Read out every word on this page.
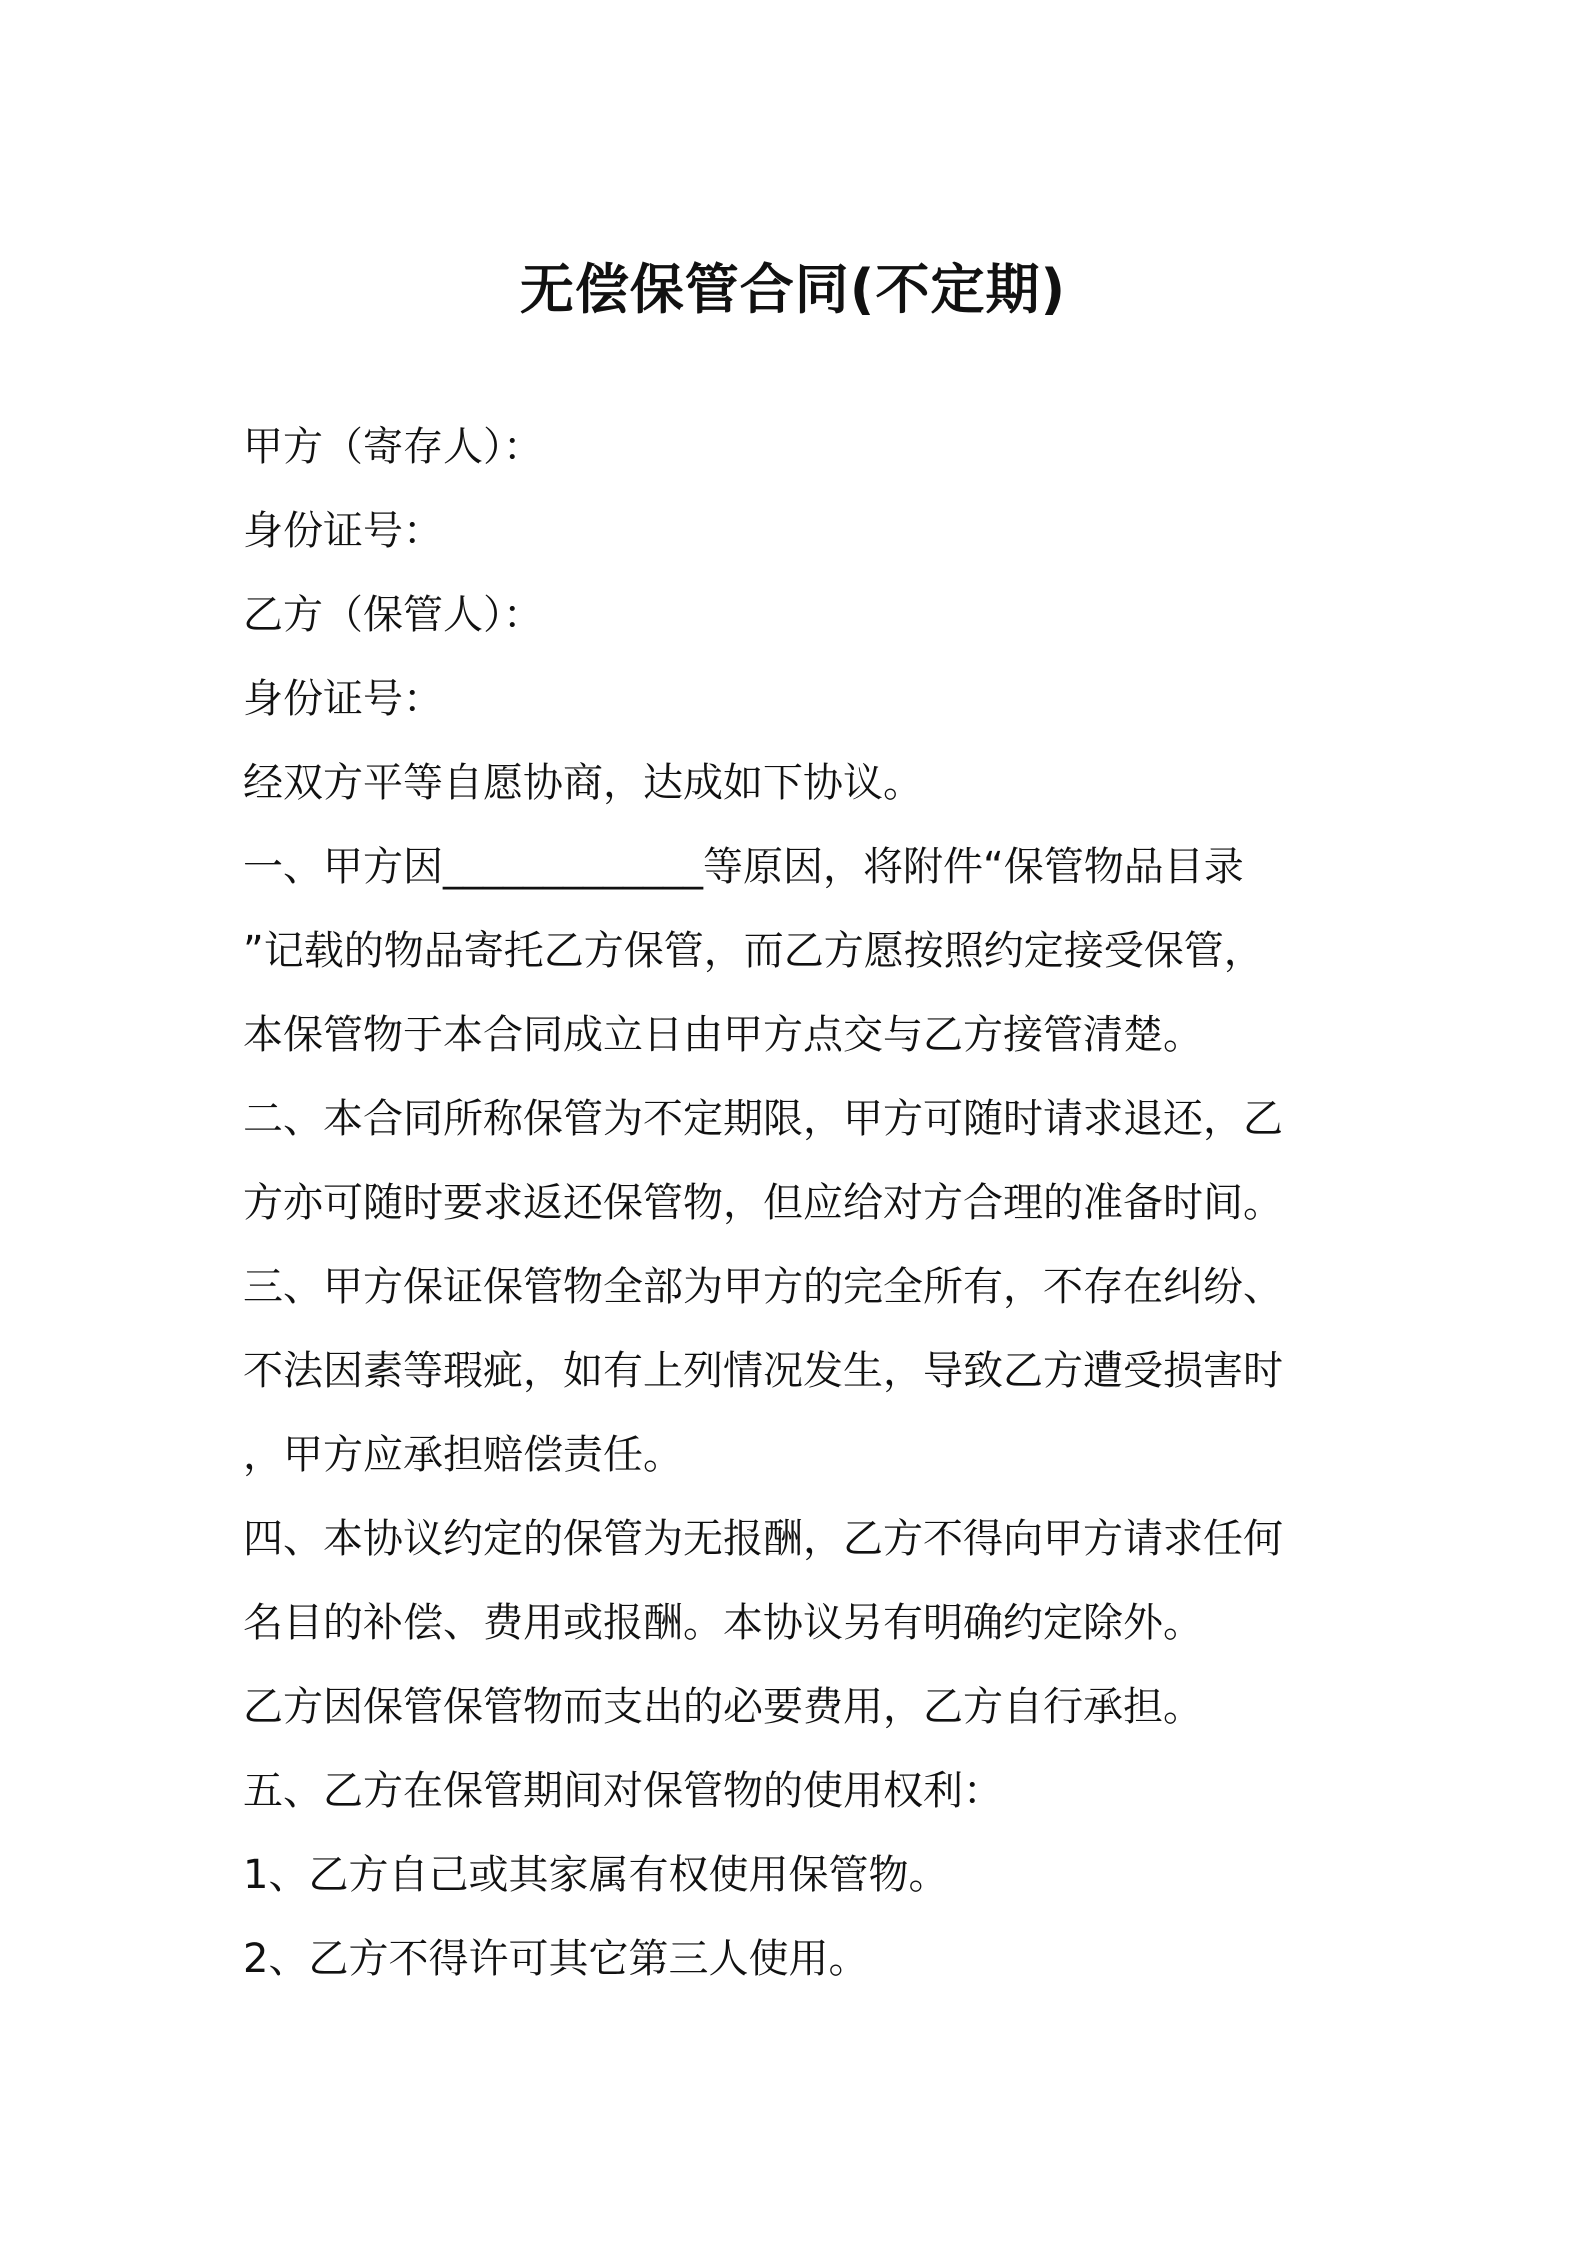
无偿保管合同(不定期)
甲方（寄存人）：
身份证号：
乙方（保管人）：
身份证号：
经双方平等自愿协商，达成如下协议。
一、甲方因_____________等原因，将附件“保管物品目录
”记载的物品寄托乙方保管，而乙方愿按照约定接受保管，
本保管物于本合同成立日由甲方点交与乙方接管清楚。
二、本合同所称保管为不定期限，甲方可随时请求退还，乙
方亦可随时要求返还保管物，但应给对方合理的准备时间。
三、甲方保证保管物全部为甲方的完全所有，不存在纠纷、
不法因素等瑕疵，如有上列情况发生，导致乙方遭受损害时
，甲方应承担赔偿责任。
四、本协议约定的保管为无报酬，乙方不得向甲方请求任何
名目的补偿、费用或报酬。本协议另有明确约定除外。
乙方因保管保管物而支出的必要费用，乙方自行承担。
五、乙方在保管期间对保管物的使用权利：
1、乙方自己或其家属有权使用保管物。
2、乙方不得许可其它第三人使用。
